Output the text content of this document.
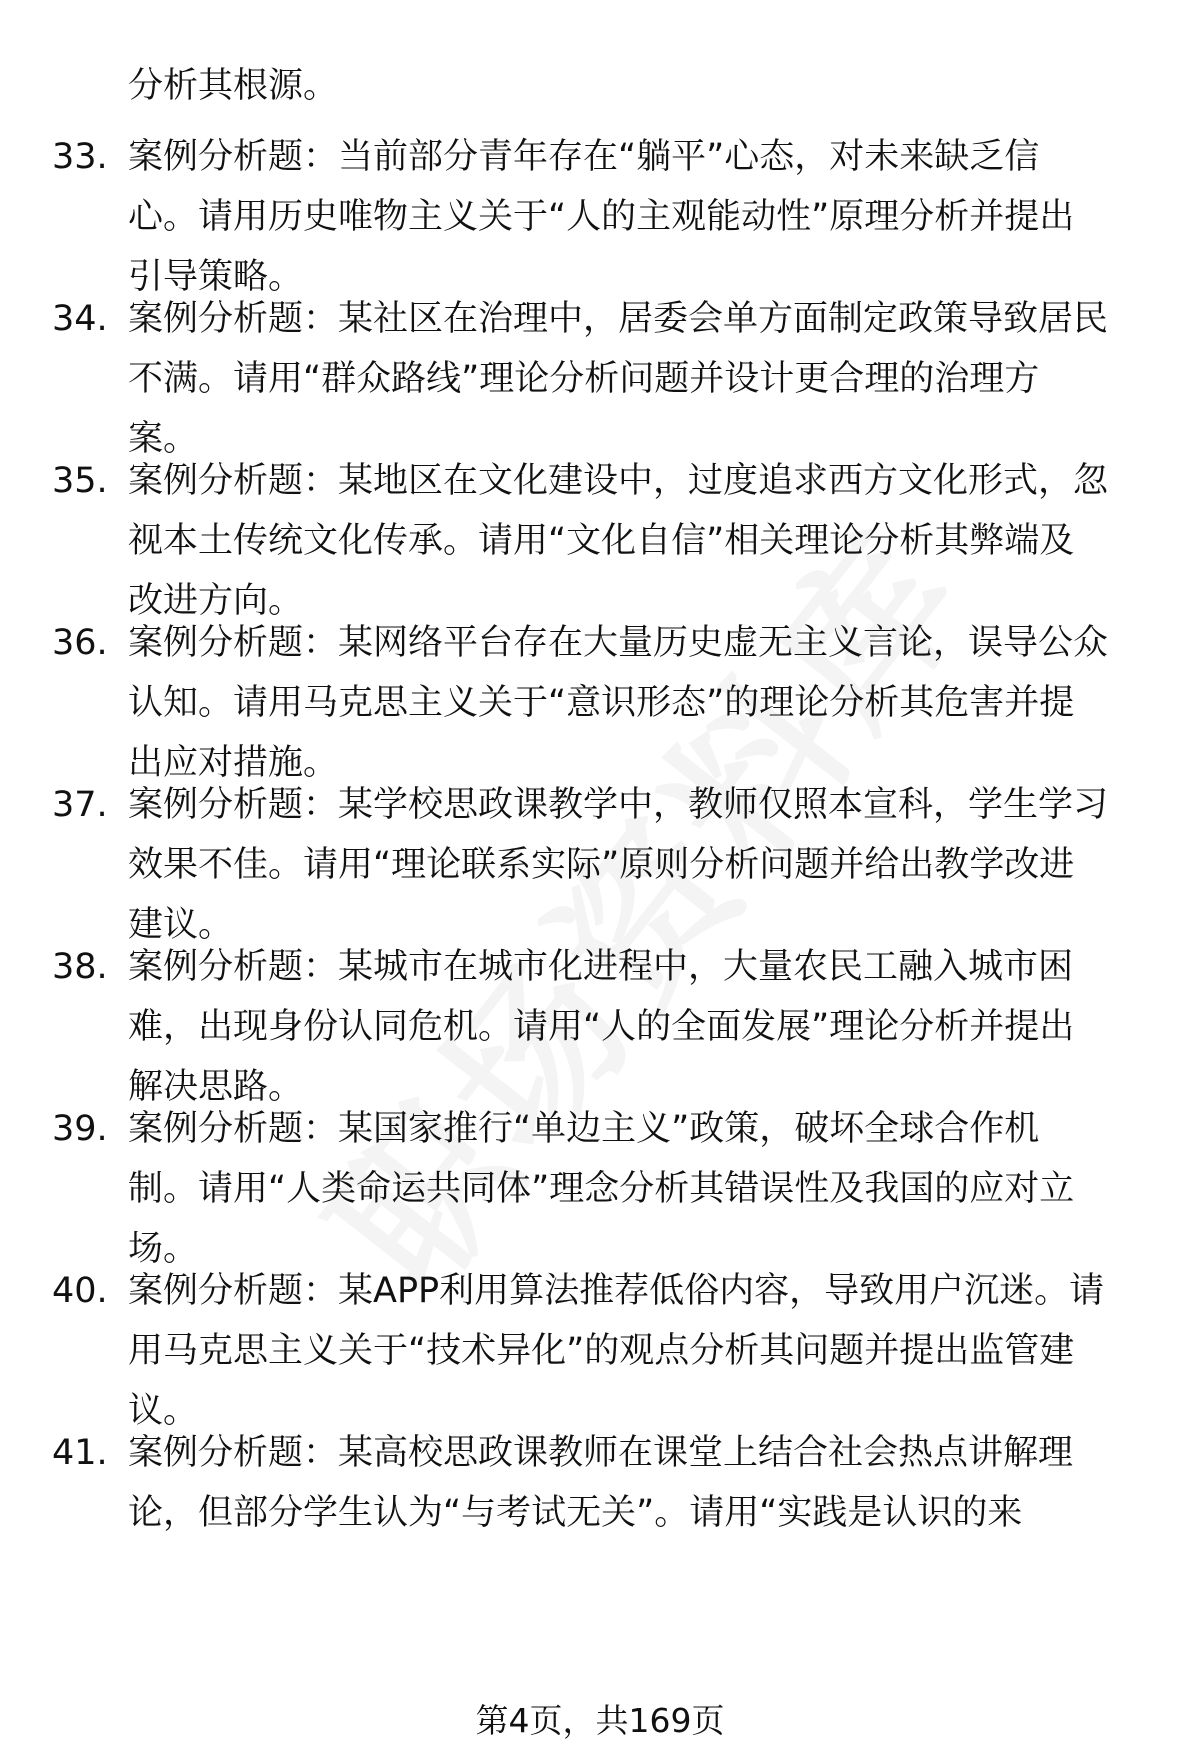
分析其根源。
33. 案例分析题：当前部分青年存在“躺平”心态，对未来缺乏信
心。请用历史唯物主义关于“人的主观能动性”原理分析并提出
引导策略。
34. 案例分析题：某社区在治理中，居委会单方面制定政策导致居民
不满。请用“群众路线”理论分析问题并设计更合理的治理方
案。
35. 案例分析题：某地区在文化建设中，过度追求西方文化形式，忽
视本土传统文化传承。请用“文化自信”相关理论分析其弊端及
改进方向。
36. 案例分析题：某网络平台存在大量历史虚无主义言论，误导公众
认知。请用马克思主义关于“意识形态”的理论分析其危害并提
出应对措施。
37. 案例分析题：某学校思政课教学中，教师仅照本宣科，学生学习
效果不佳。请用“理论联系实际”原则分析问题并给出教学改进
建议。
38. 案例分析题：某城市在城市化进程中，大量农民工融入城市困
难，出现身份认同危机。请用“人的全面发展”理论分析并提出
解决思路。
39. 案例分析题：某国家推行“单边主义”政策，破坏全球合作机
制。请用“人类命运共同体”理念分析其错误性及我国的应对立
场。
40. 案例分析题：某APP利用算法推荐低俗内容，导致用户沉迷。请
用马克思主义关于“技术异化”的观点分析其问题并提出监管建
议。
41. 案例分析题：某高校思政课教师在课堂上结合社会热点讲解理
论，但部分学生认为“与考试无关”。请用“实践是认识的来
第4页，共169页
